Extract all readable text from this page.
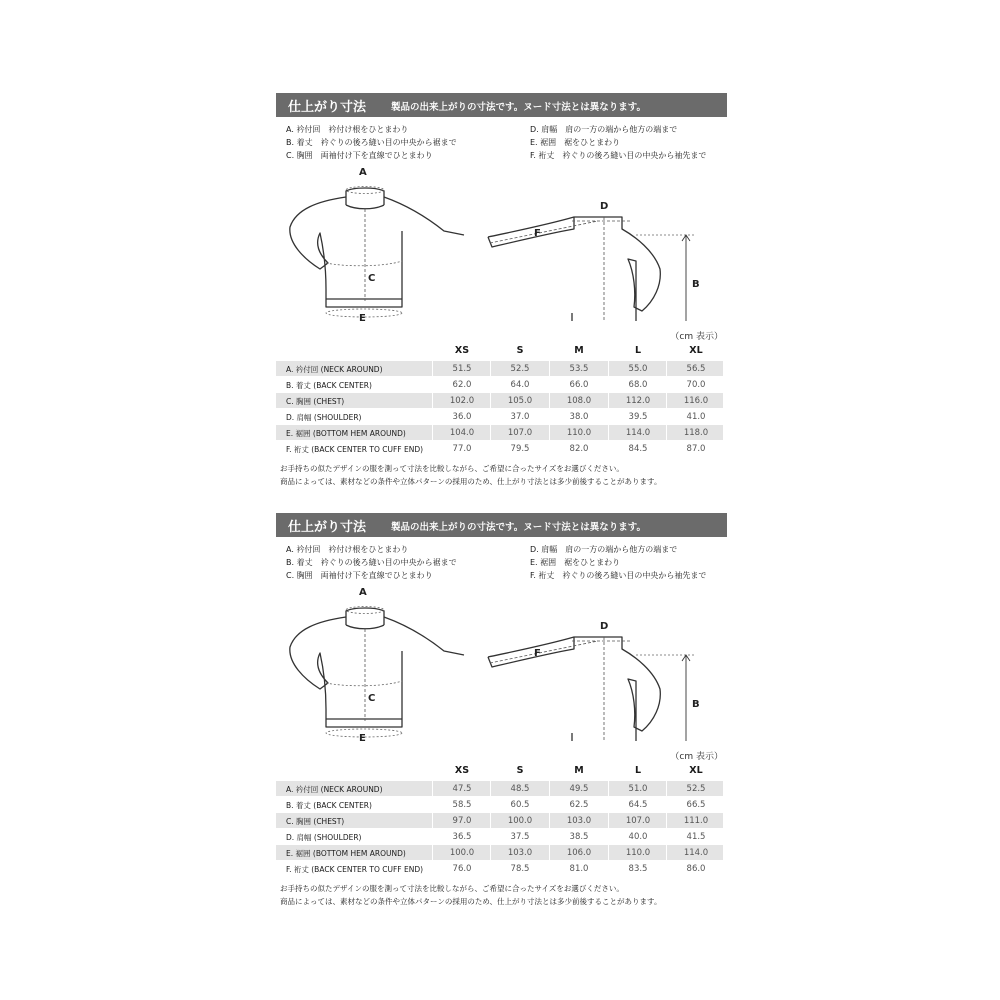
仕上がり寸法	製品の出来上がりの寸法です。ヌード寸法とは異なります。
A. 衿付回　衿付け根をひとまわり
B. 着丈　衿ぐりの後ろ縫い目の中央から裾まで
C. 胸囲　両袖付け下を直線でひとまわり
D. 肩幅　肩の一方の端から他方の端まで
E. 裾囲　裾をひとまわり
F. 裄丈　衿ぐりの後ろ縫い目の中央から袖先まで
A
B
C
D
E
F
（cm 表示）
XS	S	M	L	XL
A. 衿付回 (NECK AROUND)	51.5	52.5	53.5	55.0	56.5
B. 着丈 (BACK CENTER)	62.0	64.0	66.0	68.0	70.0
C. 胸囲 (CHEST)	102.0	105.0	108.0	112.0	116.0
D. 肩幅 (SHOULDER)	36.0	37.0	38.0	39.5	41.0
E. 裾囲 (BOTTOM HEM AROUND)	104.0	107.0	110.0	114.0	118.0
F. 裄丈 (BACK CENTER TO CUFF END)	77.0	79.5	82.0	84.5	87.0
お手持ちの似たデザインの服を測って寸法を比較しながら、ご希望に合ったサイズをお選びください。
商品によっては、素材などの条件や立体パターンの採用のため、仕上がり寸法とは多少前後することがあります。
仕上がり寸法	製品の出来上がりの寸法です。ヌード寸法とは異なります。
A. 衿付回　衿付け根をひとまわり
B. 着丈　衿ぐりの後ろ縫い目の中央から裾まで
C. 胸囲　両袖付け下を直線でひとまわり
D. 肩幅　肩の一方の端から他方の端まで
E. 裾囲　裾をひとまわり
F. 裄丈　衿ぐりの後ろ縫い目の中央から袖先まで
A
B
C
D
E
F
（cm 表示）
XS	S	M	L	XL
A. 衿付回 (NECK AROUND)	47.5	48.5	49.5	51.0	52.5
B. 着丈 (BACK CENTER)	58.5	60.5	62.5	64.5	66.5
C. 胸囲 (CHEST)	97.0	100.0	103.0	107.0	111.0
D. 肩幅 (SHOULDER)	36.5	37.5	38.5	40.0	41.5
E. 裾囲 (BOTTOM HEM AROUND)	100.0	103.0	106.0	110.0	114.0
F. 裄丈 (BACK CENTER TO CUFF END)	76.0	78.5	81.0	83.5	86.0
お手持ちの似たデザインの服を測って寸法を比較しながら、ご希望に合ったサイズをお選びください。
商品によっては、素材などの条件や立体パターンの採用のため、仕上がり寸法とは多少前後することがあります。
